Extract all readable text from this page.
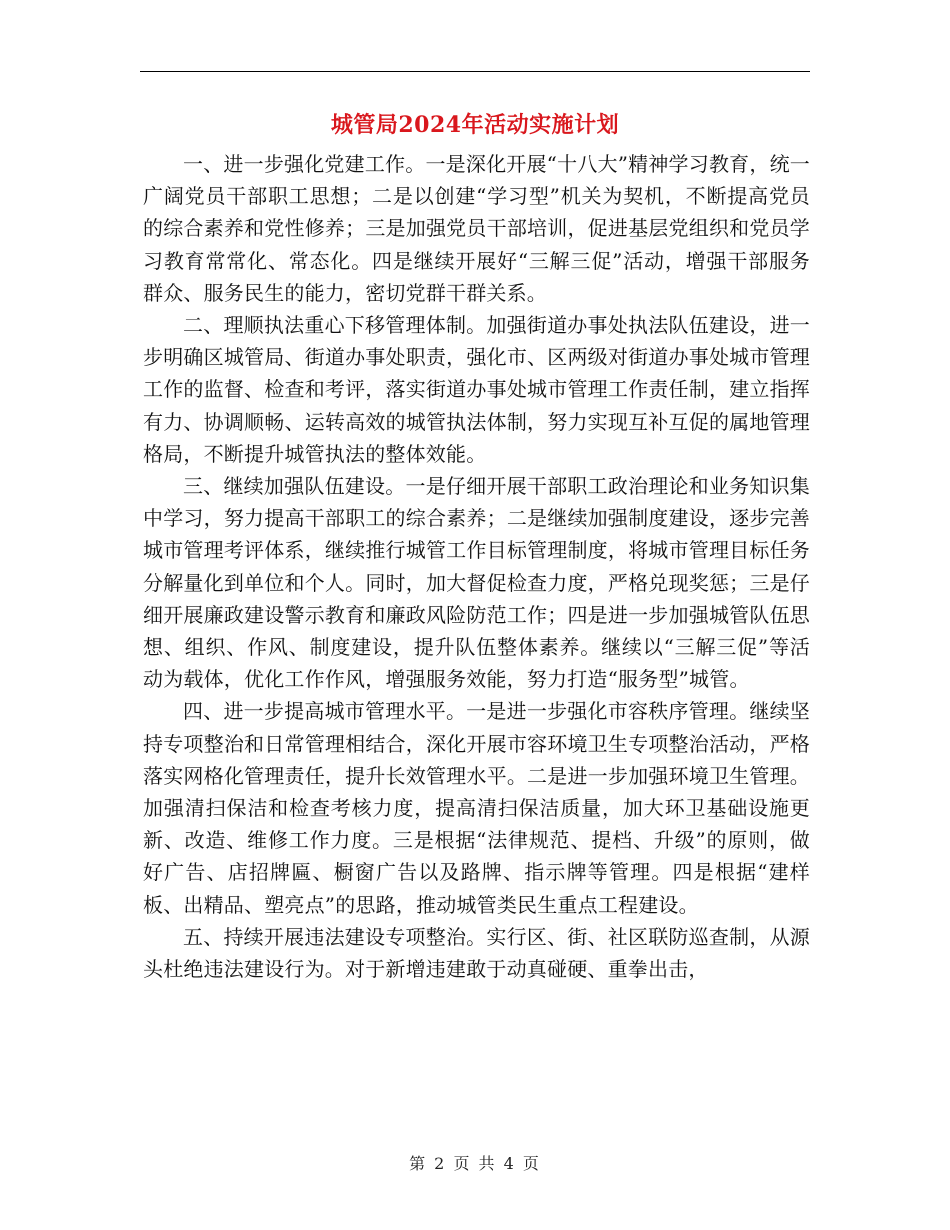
城管局2024年活动实施计划

一、进一步强化党建工作。一是深化开展“十八大”精神学习教育，统一广阔党员干部职工思想；二是以创建“学习型”机关为契机，不断提高党员的综合素养和党性修养；三是加强党员干部培训，促进基层党组织和党员学习教育常常化、常态化。四是继续开展好“三解三促”活动，增强干部服务群众、服务民生的能力，密切党群干群关系。

二、理顺执法重心下移管理体制。加强街道办事处执法队伍建设，进一步明确区城管局、街道办事处职责，强化市、区两级对街道办事处城市管理工作的监督、检查和考评，落实街道办事处城市管理工作责任制，建立指挥有力、协调顺畅、运转高效的城管执法体制，努力实现互补互促的属地管理格局，不断提升城管执法的整体效能。

三、继续加强队伍建设。一是仔细开展干部职工政治理论和业务知识集中学习，努力提高干部职工的综合素养；二是继续加强制度建设，逐步完善城市管理考评体系，继续推行城管工作目标管理制度，将城市管理目标任务分解量化到单位和个人。同时，加大督促检查力度，严格兑现奖惩；三是仔细开展廉政建设警示教育和廉政风险防范工作；四是进一步加强城管队伍思想、组织、作风、制度建设，提升队伍整体素养。继续以“三解三促”等活动为载体，优化工作作风，增强服务效能，努力打造“服务型”城管。

四、进一步提高城市管理水平。一是进一步强化市容秩序管理。继续坚持专项整治和日常管理相结合，深化开展市容环境卫生专项整治活动，严格落实网格化管理责任，提升长效管理水平。二是进一步加强环境卫生管理。加强清扫保洁和检查考核力度，提高清扫保洁质量，加大环卫基础设施更新、改造、维修工作力度。三是根据“法律规范、提档、升级”的原则，做好广告、店招牌匾、橱窗广告以及路牌、指示牌等管理。四是根据“建样板、出精品、塑亮点”的思路，推动城管类民生重点工程建设。

五、持续开展违法建设专项整治。实行区、街、社区联防巡查制，从源头杜绝违法建设行为。对于新增违建敢于动真碰硬、重拳出击，

第 2 页 共 4 页
